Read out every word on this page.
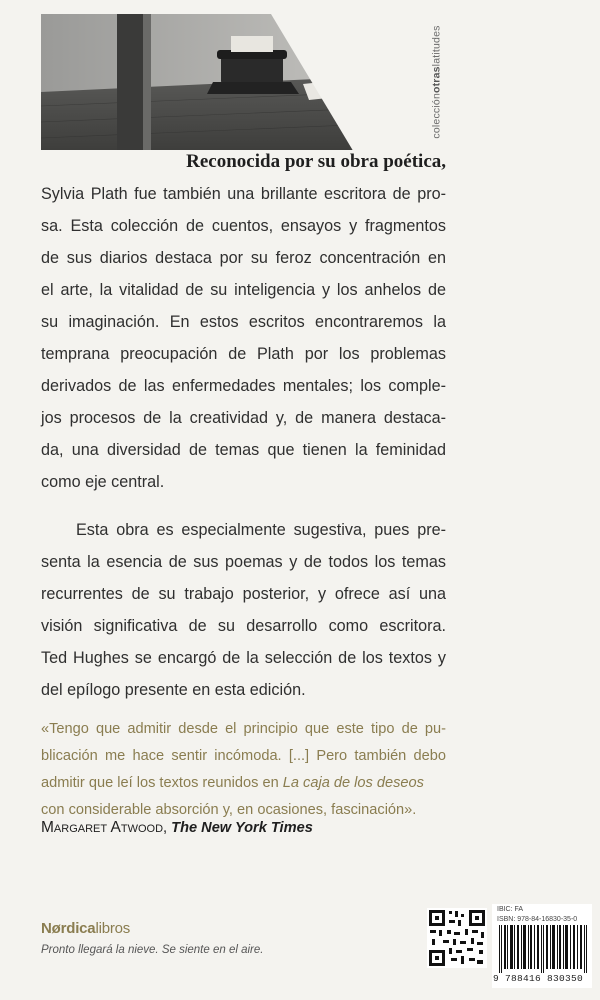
colecciónotraslatitudes

Reconocida por su obra poética,

Sylvia Plath fue también una brillante escritora de pro-
sa. Esta colección de cuentos, ensayos y fragmentos
de sus diarios destaca por su feroz concentración en
el arte, la vitalidad de su inteligencia y los anhelos de
su imaginación. En estos escritos encontraremos la
temprana preocupación de Plath por los problemas
derivados de las enfermedades mentales; los comple-
jos procesos de la creatividad y, de manera destaca-
da, una diversidad de temas que tienen la feminidad
como eje central.
Esta obra es especialmente sugestiva, pues pre-
senta la esencia de sus poemas y de todos los temas
recurrentes de su trabajo posterior, y ofrece así una
visión significativa de su desarrollo como escritora.
Ted Hughes se encargó de la selección de los textos y
del epílogo presente en esta edición.
«Tengo que admitir desde el principio que este tipo de pu-
blicación me hace sentir incómoda. [...] Pero también debo
admitir que leí los textos reunidos en La caja de los deseos
con considerable absorción y, en ocasiones, fascinación».
Margaret Atwood, The New York Times
Nørdicalibros
Pronto llegará la nieve. Se siente en el aire.
IBIC: FA
ISBN: 978-84-16830-35-0
9 788416 830350
